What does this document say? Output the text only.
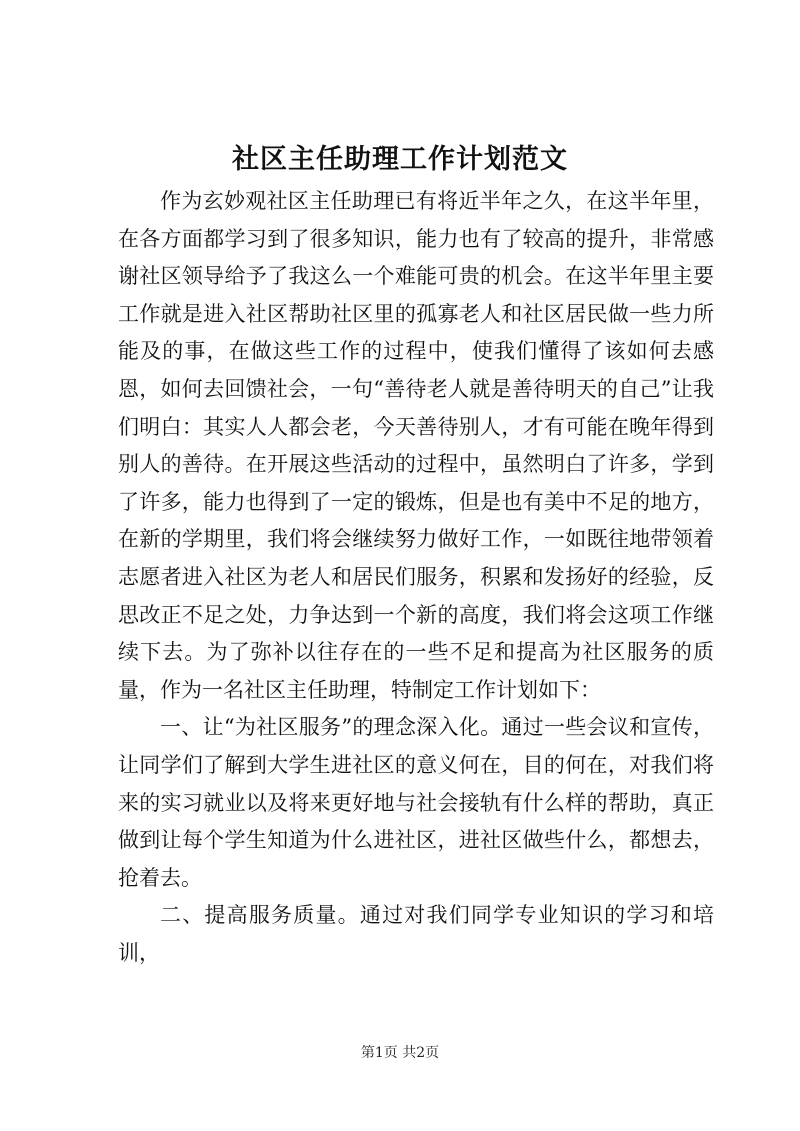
社区主任助理工作计划范文

作为玄妙观社区主任助理已有将近半年之久，在这半年里，在各方面都学习到了很多知识，能力也有了较高的提升，非常感谢社区领导给予了我这么一个难能可贵的机会。在这半年里主要工作就是进入社区帮助社区里的孤寡老人和社区居民做一些力所能及的事，在做这些工作的过程中，使我们懂得了该如何去感恩，如何去回馈社会，一句“善待老人就是善待明天的自己”让我们明白：其实人人都会老，今天善待别人，才有可能在晚年得到别人的善待。在开展这些活动的过程中，虽然明白了许多，学到了许多，能力也得到了一定的锻炼，但是也有美中不足的地方，在新的学期里，我们将会继续努力做好工作，一如既往地带领着志愿者进入社区为老人和居民们服务，积累和发扬好的经验，反思改正不足之处，力争达到一个新的高度，我们将会这项工作继续下去。为了弥补以往存在的一些不足和提高为社区服务的质量，作为一名社区主任助理，特制定工作计划如下：

一、让“为社区服务”的理念深入化。通过一些会议和宣传，让同学们了解到大学生进社区的意义何在，目的何在，对我们将来的实习就业以及将来更好地与社会接轨有什么样的帮助，真正做到让每个学生知道为什么进社区，进社区做些什么，都想去，抢着去。

二、提高服务质量。通过对我们同学专业知识的学习和培训，

第1页 共2页
